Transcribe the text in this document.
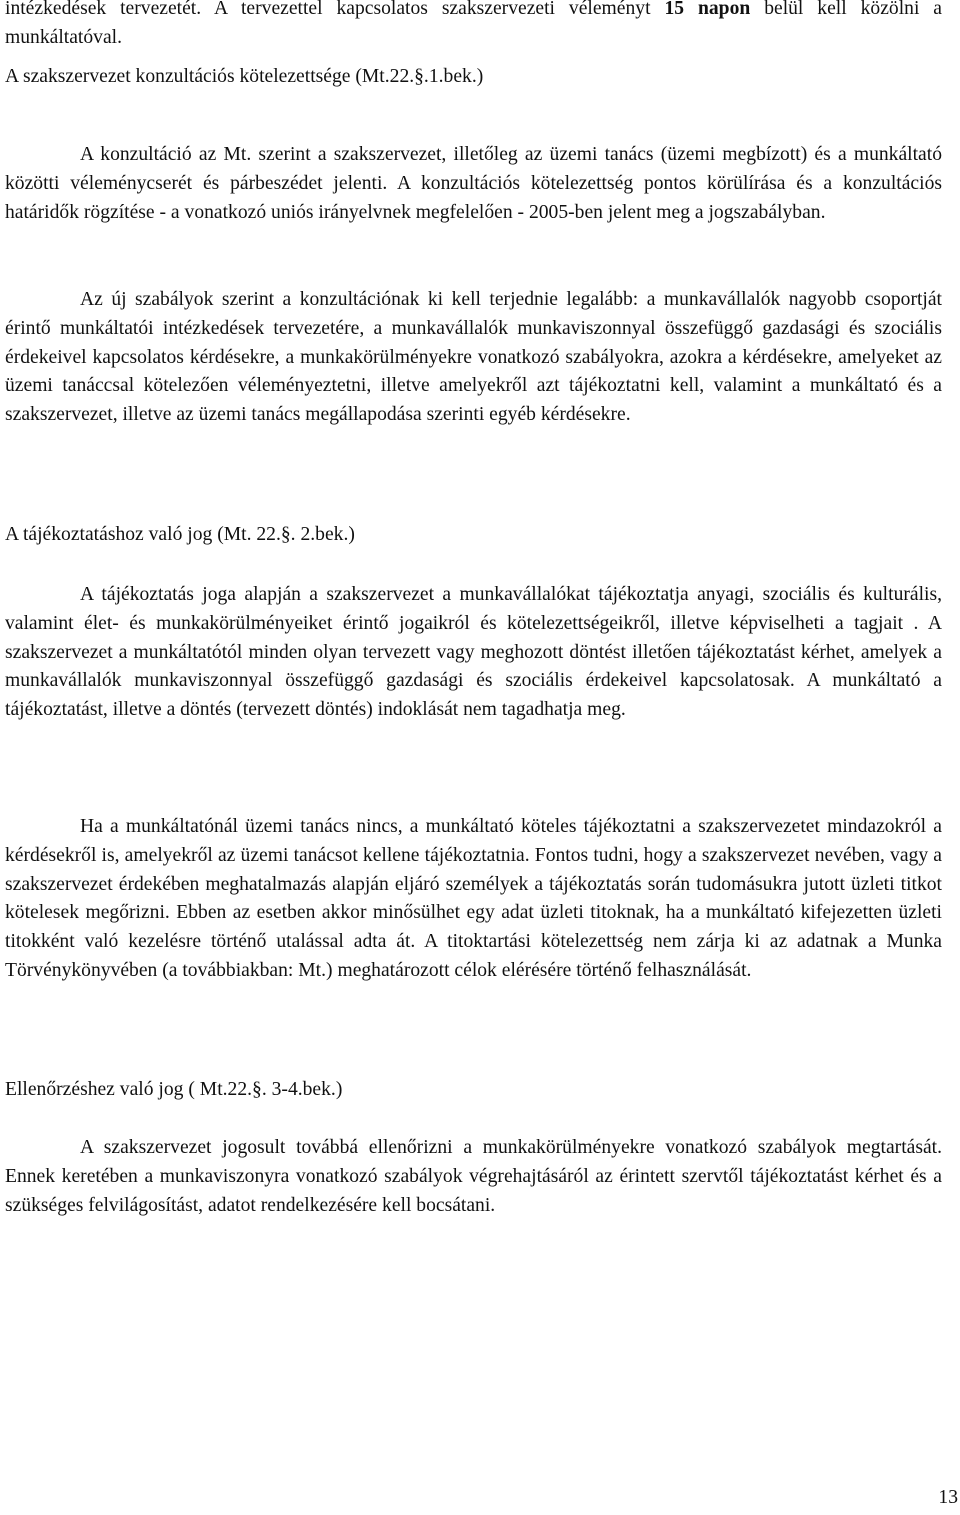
intézkedések tervezetét. A tervezettel kapcsolatos szakszervezeti véleményt 15 napon belül kell közölni a munkáltatóval.

A szakszervezet konzultációs kötelezettsége (Mt.22.§.1.bek.)

A konzultáció az Mt. szerint a szakszervezet, illetőleg az üzemi tanács (üzemi megbízott) és a munkáltató közötti véleménycserét és párbeszédet jelenti. A konzultációs kötelezettség pontos körülírása és a konzultációs határidők rögzítése - a vonatkozó uniós irányelvnek megfelelően - 2005-ben jelent meg a jogszabályban.

Az új szabályok szerint a konzultációnak ki kell terjednie legalább: a munkavállalók nagyobb csoportját érintő munkáltatói intézkedések tervezetére, a munkavállalók munkaviszonnyal összefüggő gazdasági és szociális érdekeivel kapcsolatos kérdésekre, a munkakörülményekre vonatkozó szabályokra, azokra a kérdésekre, amelyeket az üzemi tanáccsal kötelezően véleményeztetni, illetve amelyekről azt tájékoztatni kell, valamint a munkáltató és a szakszervezet, illetve az üzemi tanács megállapodása szerinti egyéb kérdésekre.

A tájékoztatáshoz való jog (Mt. 22.§. 2.bek.)

A tájékoztatás joga alapján a szakszervezet a munkavállalókat tájékoztatja anyagi, szociális és kulturális, valamint élet- és munkakörülményeiket érintő jogaikról és kötelezettségeikről, illetve képviselheti a tagjait . A szakszervezet a munkáltatótól minden olyan tervezett vagy meghozott döntést illetően tájékoztatást kérhet, amelyek a munkavállalók munkaviszonnyal összefüggő gazdasági és szociális érdekeivel kapcsolatosak. A munkáltató a tájékoztatást, illetve a döntés (tervezett döntés) indoklását nem tagadhatja meg.

Ha a munkáltatónál üzemi tanács nincs, a munkáltató köteles tájékoztatni a szakszervezetet mindazokról a kérdésekről is, amelyekről az üzemi tanácsot kellene tájékoztatnia. Fontos tudni, hogy a szakszervezet nevében, vagy a szakszervezet érdekében meghatalmazás alapján eljáró személyek a tájékoztatás során tudomásukra jutott üzleti titkot kötelesek megőrizni. Ebben az esetben akkor minősülhet egy adat üzleti titoknak, ha a munkáltató kifejezetten üzleti titokként való kezelésre történő utalással adta át. A titoktartási kötelezettség nem zárja ki az adatnak a Munka Törvénykönyvében (a továbbiakban: Mt.) meghatározott célok elérésére történő felhasználását.

Ellenőrzéshez való jog ( Mt.22.§. 3-4.bek.)

A szakszervezet jogosult továbbá ellenőrizni a munkakörülményekre vonatkozó szabályok megtartását. Ennek keretében a munkaviszonyra vonatkozó szabályok végrehajtásáról az érintett szervtől tájékoztatást kérhet és a szükséges felvilágosítást, adatot rendelkezésére kell bocsátani.

13
